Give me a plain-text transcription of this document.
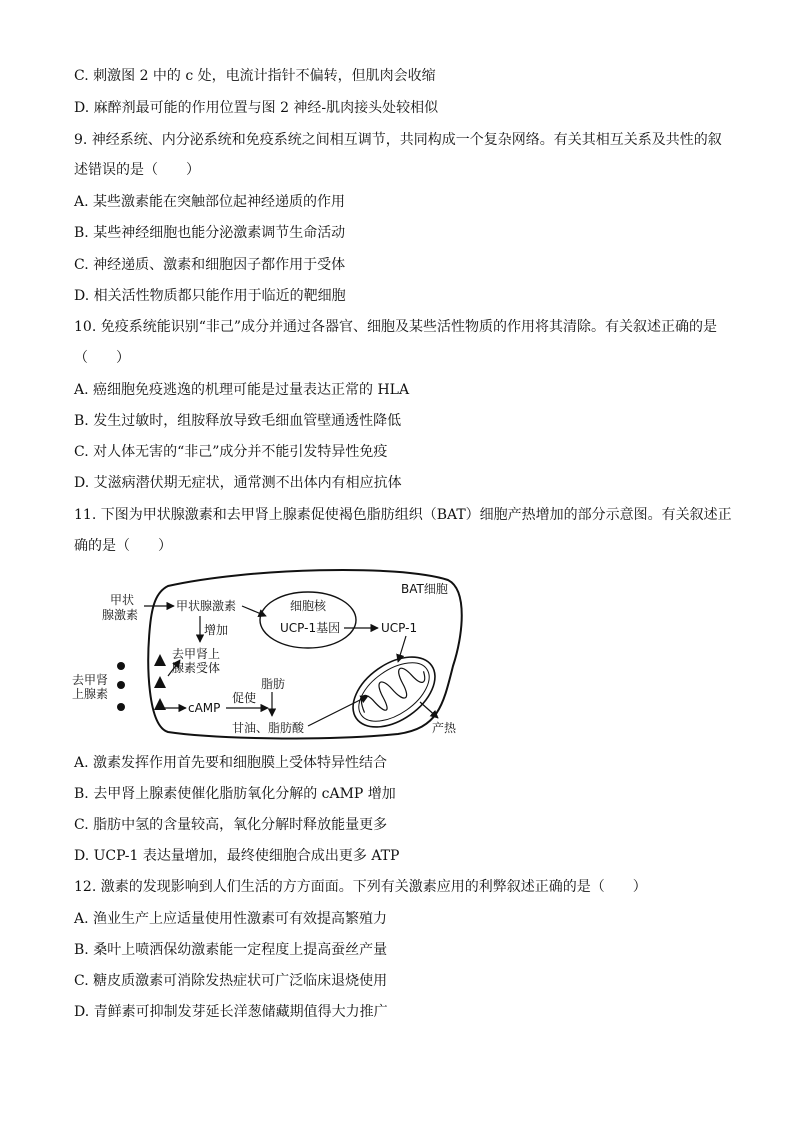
C. 刺激图 2 中的 c 处，电流计指针不偏转，但肌肉会收缩
D. 麻醉剂最可能的作用位置与图 2 神经-肌肉接头处较相似
9. 神经系统、内分泌系统和免疫系统之间相互调节，共同构成一个复杂网络。有关其相互关系及共性的叙
述错误的是（　　）
A. 某些激素能在突触部位起神经递质的作用
B. 某些神经细胞也能分泌激素调节生命活动
C. 神经递质、激素和细胞因子都作用于受体
D. 相关活性物质都只能作用于临近的靶细胞
10. 免疫系统能识别“非己”成分并通过各器官、细胞及某些活性物质的作用将其清除。有关叙述正确的是
（　　）
A. 癌细胞免疫逃逸的机理可能是过量表达正常的 HLA
B. 发生过敏时，组胺释放导致毛细血管壁通透性降低
C. 对人体无害的“非己”成分并不能引发特异性免疫
D. 艾滋病潜伏期无症状，通常测不出体内有相应抗体
11. 下图为甲状腺激素和去甲肾上腺素促使褐色脂肪组织（BAT）细胞产热增加的部分示意图。有关叙述正
确的是（　　）
BAT细胞
甲状
腺激素
甲状腺激素
增加
细胞核
UCP-1基因	UCP-1
去甲肾上
腺素受体
去甲肾
上腺素
cAMP
促使
脂肪
甘油、脂肪酸	产热
A. 激素发挥作用首先要和细胞膜上受体特异性结合
B. 去甲肾上腺素使催化脂肪氧化分解的 cAMP 增加
C. 脂肪中氢的含量较高，氧化分解时释放能量更多
D. UCP-1 表达量增加，最终使细胞合成出更多 ATP
12. 激素的发现影响到人们生活的方方面面。下列有关激素应用的利弊叙述正确的是（　　）
A. 渔业生产上应适量使用性激素可有效提高繁殖力
B. 桑叶上喷洒保幼激素能一定程度上提高蚕丝产量
C. 糖皮质激素可消除发热症状可广泛临床退烧使用
D. 青鲜素可抑制发芽延长洋葱储藏期值得大力推广
